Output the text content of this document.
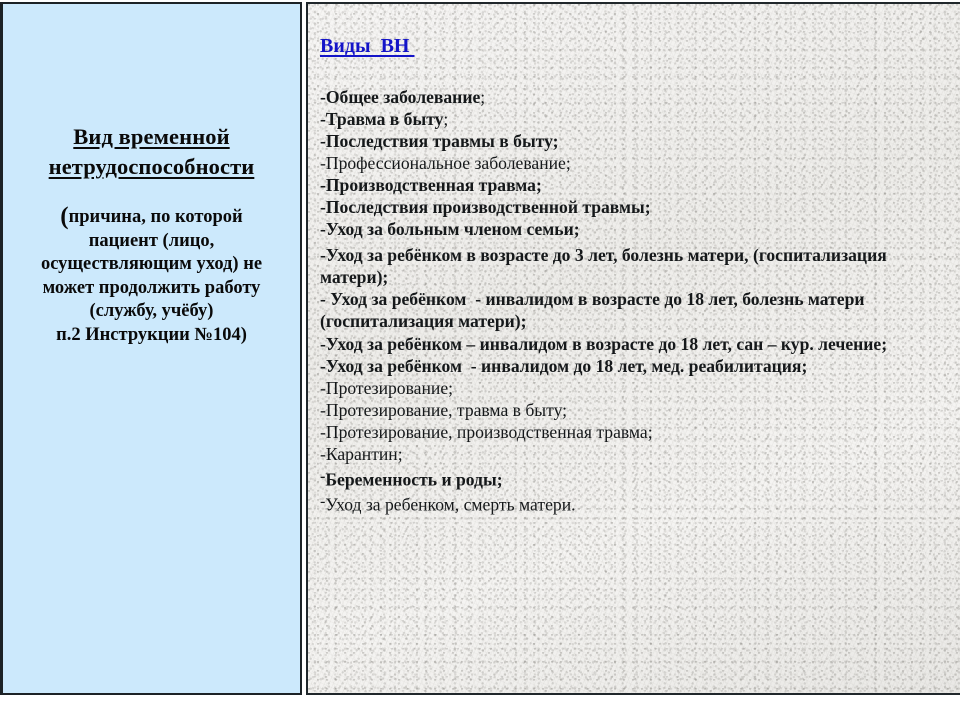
Вид временной
нетрудоспособности
(причина, по которой
пациент (лицо,
осуществляющим уход) не
может продолжить работу
(службу, учёбу)
п.2 Инструкции №104)
Виды  ВН
-Общее заболевание;
-Травма в быту;
-Последствия травмы в быту;
-Профессиональное заболевание;
-Производственная травма;
-Последствия производственной травмы;
-Уход за больным членом семьи;
-Уход за ребёнком в возрасте до 3 лет, болезнь матери, (госпитализация матери);
- Уход за ребёнком  - инвалидом в возрасте до 18 лет, болезнь матери (госпитализация матери);
-Уход за ребёнком – инвалидом в возрасте до 18 лет, сан – кур. лечение;
-Уход за ребёнком  - инвалидом до 18 лет, мед. реабилитация;
-Протезирование;
-Протезирование, травма в быту;
-Протезирование, производственная травма;
-Карантин;
- Беременность и роды;
- Уход за ребенком, смерть матери.
